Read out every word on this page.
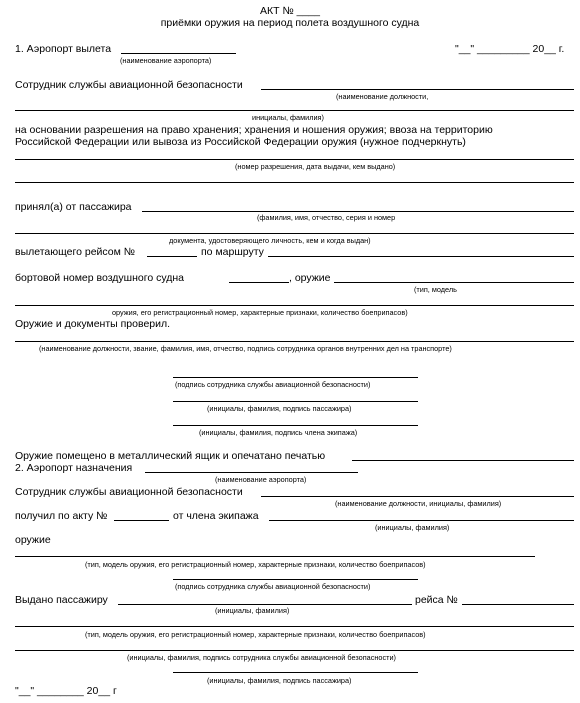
АКТ № ____
приёмки оружия на период полета воздушного судна
1. Аэропорт вылета
(наименование аэропорта)
"__" _________ 20__ г.
Сотрудник службы авиационной безопасности
(наименование должности,
инициалы, фамилия)
на основании разрешения на право хранения; хранения и ношения оружия; ввоза на территорию
Российской Федерации или вывоза из Российской Федерации оружия (нужное подчеркнуть)
(номер разрешения, дата выдачи, кем выдано)
принял(а) от пассажира
(фамилия, имя, отчество, серия и номер
документа, удостоверяющего личность, кем и когда выдан)
вылетающего рейсом №	по маршруту
бортовой номер воздушного судна	, оружие
(тип, модель
оружия, его регистрационный номер, характерные признаки, количество боеприпасов)
Оружие и документы проверил.
(наименование должности, звание, фамилия, имя, отчество, подпись сотрудника органов внутренних дел на транспорте)
(подпись сотрудника службы авиационной безопасности)
(инициалы, фамилия, подпись пассажира)
(инициалы, фамилия, подпись члена экипажа)
Оружие помещено в металлический ящик и опечатано печатью
2. Аэропорт назначения
(наименование аэропорта)
Сотрудник службы авиационной безопасности
(наименование должности, инициалы, фамилия)
получил по акту №	от члена экипажа
(инициалы, фамилия)
оружие
(тип, модель оружия, его регистрационный номер, характерные признаки, количество боеприпасов)
(подпись сотрудника службы авиационной безопасности)
Выдано пассажиру	рейса №
(инициалы, фамилия)
(тип, модель оружия, его регистрационный номер, характерные признаки, количество боеприпасов)
(инициалы, фамилия, подпись сотрудника службы авиационной безопасности)
(инициалы, фамилия, подпись пассажира)
"__" ________ 20__ г
